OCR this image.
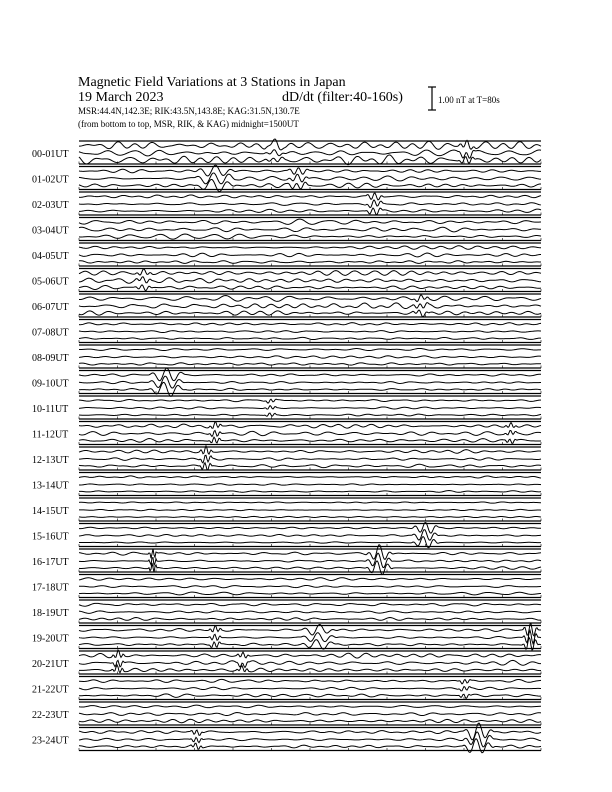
Magnetic Field Variations at 3 Stations in Japan
19 March 2023	dD/dt (filter:40-160s)
MSR:44.4N,142.3E; RIK:43.5N,143.8E; KAG:31.5N,130.7E
(from bottom to top, MSR, RIK, & KAG) midnight=1500UT
1.00 nT at T=80s
00-01UT
01-02UT
02-03UT
03-04UT
04-05UT
05-06UT
06-07UT
07-08UT
08-09UT
09-10UT
10-11UT
11-12UT
12-13UT
13-14UT
14-15UT
15-16UT
16-17UT
17-18UT
18-19UT
19-20UT
20-21UT
21-22UT
22-23UT
23-24UT
